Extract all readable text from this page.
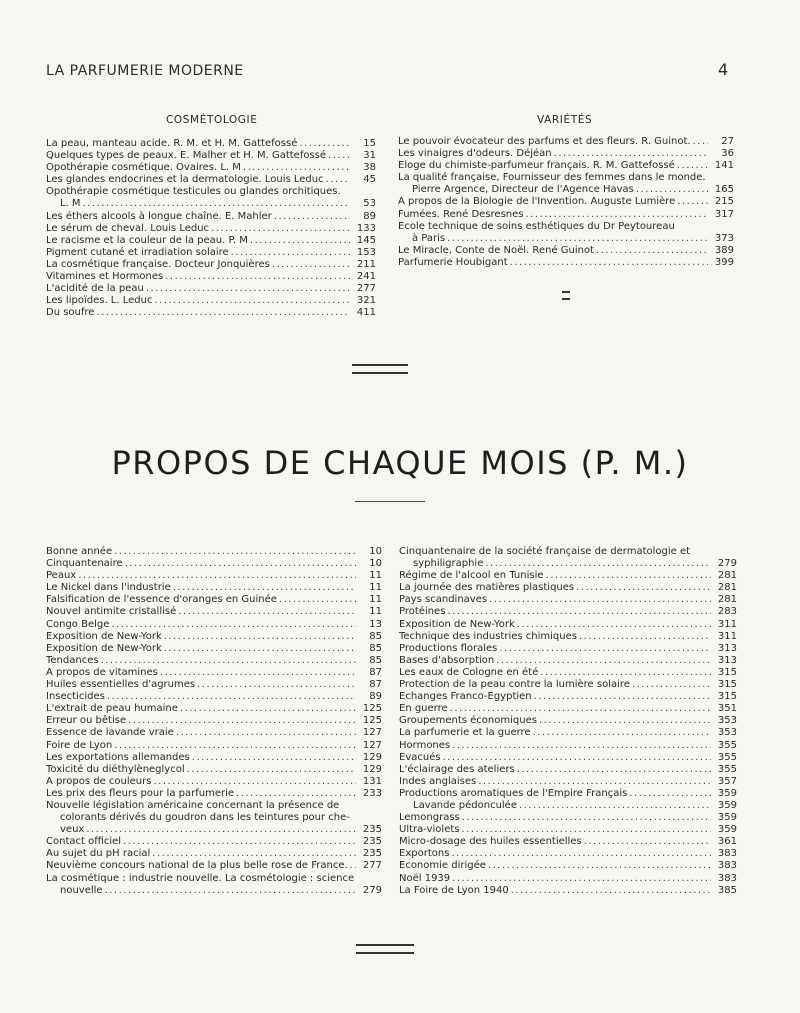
LA PARFUMERIE MODERNE	4
COSMÉTOLOGIE	VARIÉTÉS
La peau, manteau acide. R. M. et H. M. Gattefossé .....	15
Quelques types de peaux. E. Malher et H. M. Gattefossé .....	31
Opothérapie cosmétique. Ovaires. L. M .....	38
Les glandes endocrines et la dermatologie. Louis Leduc .....	45
Opothérapie cosmétique testicules ou glandes orchitiques.
L. M .....	53
Les éthers alcools à longue chaîne. E. Mahler .....	89
Le sérum de cheval. Louis Leduc .....	133
Le racisme et la couleur de la peau. P. M .....	145
Pigment cutané et irradiation solaire .....	153
La cosmétique française. Docteur Jonquières .....	211
Vitamines et Hormones .....	241
L'acidité de la peau .....	277
Les lipoïdes. L. Leduc .....	321
Du soufre .....	411
Le pouvoir évocateur des parfums et des fleurs. R. Guinot. .....	27
Les vinaigres d'odeurs. Déjéan .....	36
Eloge du chimiste-parfumeur français. R. M. Gattefossé .....	141
La qualité française, Fournisseur des femmes dans le monde.
Pierre Argence, Directeur de l'Agence Havas .....	165
A propos de la Biologie de l'Invention. Auguste Lumière .....	215
Fumées. René Desresnes .....	317
Ecole technique de soins esthétiques du Dr Peytoureau
à Paris .....	373
Le Miracle, Conte de Noël. René Guinot .....	389
Parfumerie Houbigant .....	399
PROPOS DE CHAQUE MOIS (P. M.)
Bonne année .....	10
Cinquantenaire .....	10
Peaux .....	11
Le Nickel dans l'industrie .....	11
Falsification de l'essence d'oranges en Guinée .....	11
Nouvel antimite cristallisé .....	11
Congo Belge .....	13
Exposition de New-York .....	85
Exposition de New-York .....	85
Tendances .....	85
A propos de vitamines .....	87
Huiles essentielles d'agrumes .....	87
Insecticides .....	89
L'extrait de peau humaine .....	125
Erreur ou bêtise .....	125
Essence de lavande vraie .....	127
Foire de Lyon .....	127
Les exportations allemandes .....	129
Toxicité du diéthylèneglycol .....	129
A propos de couleurs .....	131
Les prix des fleurs pour la parfumerie .....	233
Nouvelle législation américaine concernant la présence de
colorants dérivés du goudron dans les teintures pour che-
veux .....	235
Contact officiel .....	235
Au sujet du pH racial .....	235
Neuvième concours national de la plus belle rose de France. .....	277
La cosmétique : industrie nouvelle. La cosmétologie : science
nouvelle .....	279
Cinquantenaire de la société française de dermatologie et
syphiligraphie .....	279
Régime de l'alcool en Tunisie .....	281
La journée des matières plastiques .....	281
Pays scandinaves .....	281
Protéines .....	283
Exposition de New-York .....	311
Technique des industries chimiques .....	311
Productions florales .....	313
Bases d'absorption .....	313
Les eaux de Cologne en été .....	315
Protection de la peau contre la lumière solaire .....	315
Echanges Franco-Egyptien .....	315
En guerre .....	351
Groupements économiques .....	353
La parfumerie et la guerre .....	353
Hormones .....	355
Evacués .....	355
L'éclairage des ateliers .....	355
Indes anglaises .....	357
Productions aromatiques de l'Empire Français .....	359
Lavande pédonculée .....	359
Lemongrass .....	359
Ultra-violets .....	359
Micro-dosage des huiles essentielles .....	361
Exportons .....	383
Economie dirigée .....	383
Noël 1939 .....	383
La Foire de Lyon 1940 .....	385
